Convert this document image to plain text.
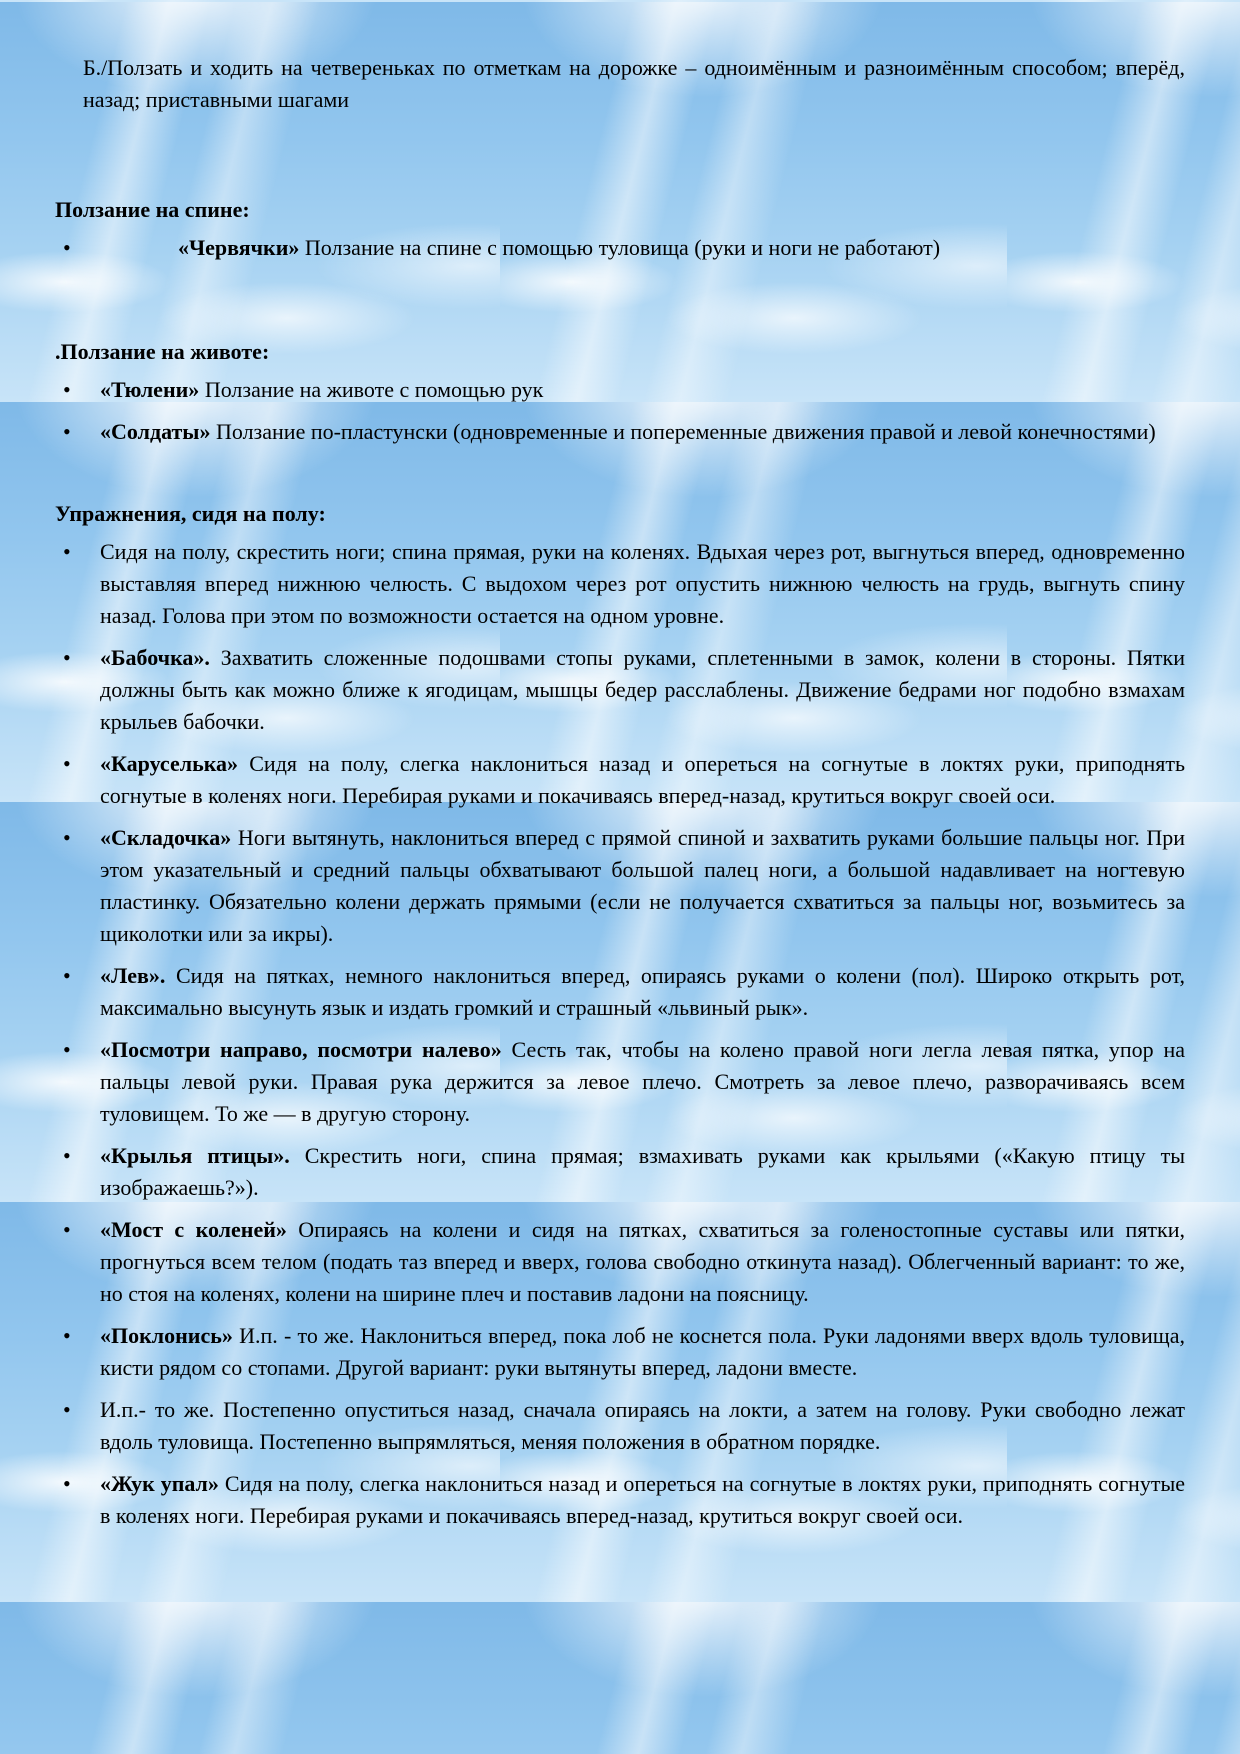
Б./Ползать и ходить на четвереньках по отметкам на дорожке – одноимённым и разноимённым способом; вперёд, назад; приставными шагами

Ползание на спине:
•	«Червячки» Ползание на спине с помощью туловища (руки и ноги не работают)
.Ползание на животе:
• «Тюлени» Ползание на животе с помощью рук
• «Солдаты» Ползание по-пластунски (одновременные и попеременные движения правой и левой конечностями)
Упражнения, сидя на полу:
• Сидя на полу, скрестить ноги; спина прямая, руки на коленях. Вдыхая через рот, выгнуться вперед, одновременно выставляя вперед нижнюю челюсть. С выдохом через рот опустить нижнюю челюсть на грудь, выгнуть спину назад. Голова при этом по возможности остается на одном уровне.
• «Бабочка». Захватить сложенные подошвами стопы руками, сплетенными в замок, колени в стороны. Пятки должны быть как можно ближе к ягодицам, мышцы бедер расслаблены. Движение бедрами ног подобно взмахам крыльев бабочки.
• «Каруселька» Сидя на полу, слегка наклониться назад и опереться на согнутые в локтях руки, приподнять согнутые в коленях ноги. Перебирая руками и покачиваясь вперед-назад, крутиться вокруг своей оси.
• «Складочка» Ноги вытянуть, наклониться вперед с прямой спиной и захватить руками большие пальцы ног. При этом указательный и средний пальцы обхватывают большой палец ноги, а большой надавливает на ногтевую пластинку. Обязательно колени держать прямыми (если не получается схватиться за пальцы ног, возьмитесь за щиколотки или за икры).
• «Лев». Сидя на пятках, немного наклониться вперед, опираясь руками о колени (пол). Широко открыть рот, максимально высунуть язык и издать громкий и страшный «львиный рык».
• «Посмотри направо, посмотри налево» Сесть так, чтобы на колено правой ноги легла левая пятка, упор на пальцы левой руки. Правая рука держится за левое плечо. Смотреть за левое плечо, разворачиваясь всем туловищем. То же — в другую сторону.
• «Крылья птицы». Скрестить ноги, спина прямая; взмахивать руками как крыльями («Какую птицу ты изображаешь?»).
• «Мост с коленей» Опираясь на колени и сидя на пятках, схватиться за голеностопные суставы или пятки, прогнуться всем телом (подать таз вперед и вверх, голова свободно откинута назад). Облегченный вариант: то же, но стоя на коленях, колени на ширине плеч и поставив ладони на поясницу.
• «Поклонись» И.п. - то же. Наклониться вперед, пока лоб не коснется пола. Руки ладонями вверх вдоль туловища, кисти рядом со стопами. Другой вариант: руки вытянуты вперед, ладони вместе.
• И.п.- то же. Постепенно опуститься назад, сначала опираясь на локти, а затем на голову. Руки свободно лежат вдоль туловища. Постепенно выпрямляться, меняя положения в обратном порядке.
• «Жук упал» Сидя на полу, слегка наклониться назад и опереться на согнутые в локтях руки, приподнять согнутые в коленях ноги. Перебирая руками и покачиваясь вперед-назад, крутиться вокруг своей оси.
